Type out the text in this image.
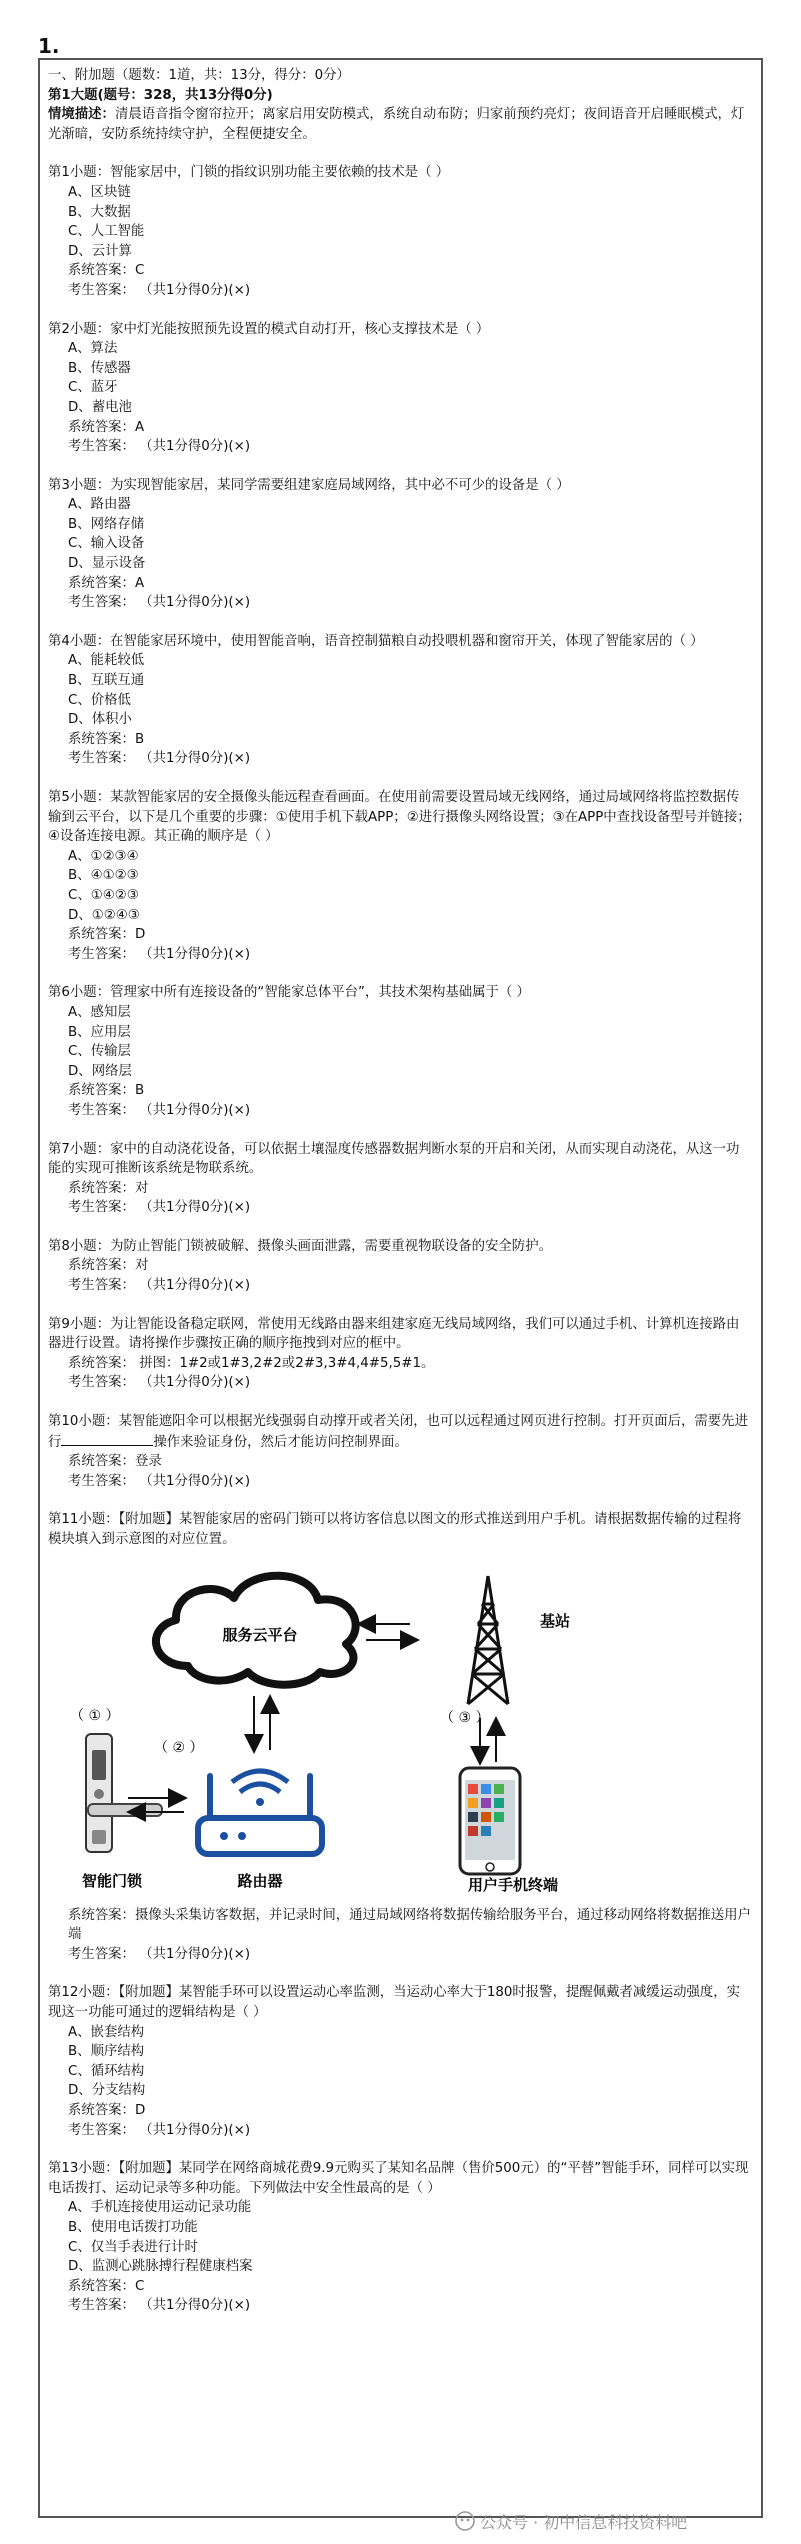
1.
一、附加题（题数：1道，共：13分，得分：0分）
第1大题(题号：328，共13分得0分)
情境描述：清晨语音指令窗帘拉开；离家启用安防模式，系统自动布防；归家前预约亮灯；夜间语音开启睡眠模式，灯光渐暗，安防系统持续守护，全程便捷安全。
第1小题：智能家居中，门锁的指纹识别功能主要依赖的技术是（ ）
A、区块链
B、大数据
C、人工智能
D、云计算
系统答案：C
考生答案： （共1分得0分)(×)
第2小题：家中灯光能按照预先设置的模式自动打开，核心支撑技术是（ ）
A、算法
B、传感器
C、蓝牙
D、蓄电池
系统答案：A
考生答案： （共1分得0分)(×)
第3小题：为实现智能家居，某同学需要组建家庭局域网络，其中必不可少的设备是（ ）
A、路由器
B、网络存储
C、输入设备
D、显示设备
系统答案：A
考生答案： （共1分得0分)(×)
第4小题：在智能家居环境中，使用智能音响，语音控制猫粮自动投喂机器和窗帘开关，体现了智能家居的（ ）
A、能耗较低
B、互联互通
C、价格低
D、体积小
系统答案：B
考生答案： （共1分得0分)(×)
第5小题：某款智能家居的安全摄像头能远程查看画面。在使用前需要设置局域无线网络，通过局域网络将监控数据传输到云平台，以下是几个重要的步骤：①使用手机下载APP；②进行摄像头网络设置；③在APP中查找设备型号并链接；④设备连接电源。其正确的顺序是（ ）
A、①②③④
B、④①②③
C、①④②③
D、①②④③
系统答案：D
考生答案： （共1分得0分)(×)
第6小题：管理家中所有连接设备的“智能家总体平台”，其技术架构基础属于（ ）
A、感知层
B、应用层
C、传输层
D、网络层
系统答案：B
考生答案： （共1分得0分)(×)
第7小题：家中的自动浇花设备，可以依据土壤湿度传感器数据判断水泵的开启和关闭，从而实现自动浇花，从这一功能的实现可推断该系统是物联系统。
系统答案：对
考生答案： （共1分得0分)(×)
第8小题：为防止智能门锁被破解、摄像头画面泄露，需要重视物联设备的安全防护。
系统答案：对
考生答案： （共1分得0分)(×)
第9小题：为让智能设备稳定联网，常使用无线路由器来组建家庭无线局域网络，我们可以通过手机、计算机连接路由器进行设置。请将操作步骤按正确的顺序拖拽到对应的框中。
系统答案： 拼图：1#2或1#3,2#2或2#3,3#4,4#5,5#1。
考生答案： （共1分得0分)(×)
第10小题：某智能遮阳伞可以根据光线强弱自动撑开或者关闭，也可以远程通过网页进行控制。打开页面后，需要先进行	操作来验证身份，然后才能访问控制界面。
系统答案：登录
考生答案： （共1分得0分)(×)
第11小题：【附加题】某智能家居的密码门锁可以将访客信息以图文的形式推送到用户手机。请根据数据传输的过程将模块填入到示意图的对应位置。
服务云平台
基站
（ ③ ）
（ ① ）
智能门锁
（ ② ）
路由器	用户手机终端
系统答案：摄像头采集访客数据，并记录时间，通过局域网络将数据传输给服务平台，通过移动网络将数据推送用户端
考生答案： （共1分得0分)(×)
第12小题：【附加题】某智能手环可以设置运动心率监测，当运动心率大于180时报警，提醒佩戴者减缓运动强度，实现这一功能可通过的逻辑结构是（ ）
A、嵌套结构
B、顺序结构
C、循环结构
D、分支结构
系统答案：D
考生答案： （共1分得0分)(×)
第13小题：【附加题】某同学在网络商城花费9.9元购买了某知名品牌（售价500元）的“平替”智能手环，同样可以实现电话拨打、运动记录等多种功能。下列做法中安全性最高的是（ ）
A、手机连接使用运动记录功能
B、使用电话拨打功能
C、仅当手表进行计时
D、监测心跳脉搏行程健康档案
系统答案：C
考生答案： （共1分得0分)(×)
公众号 · 初中信息科技资料吧
